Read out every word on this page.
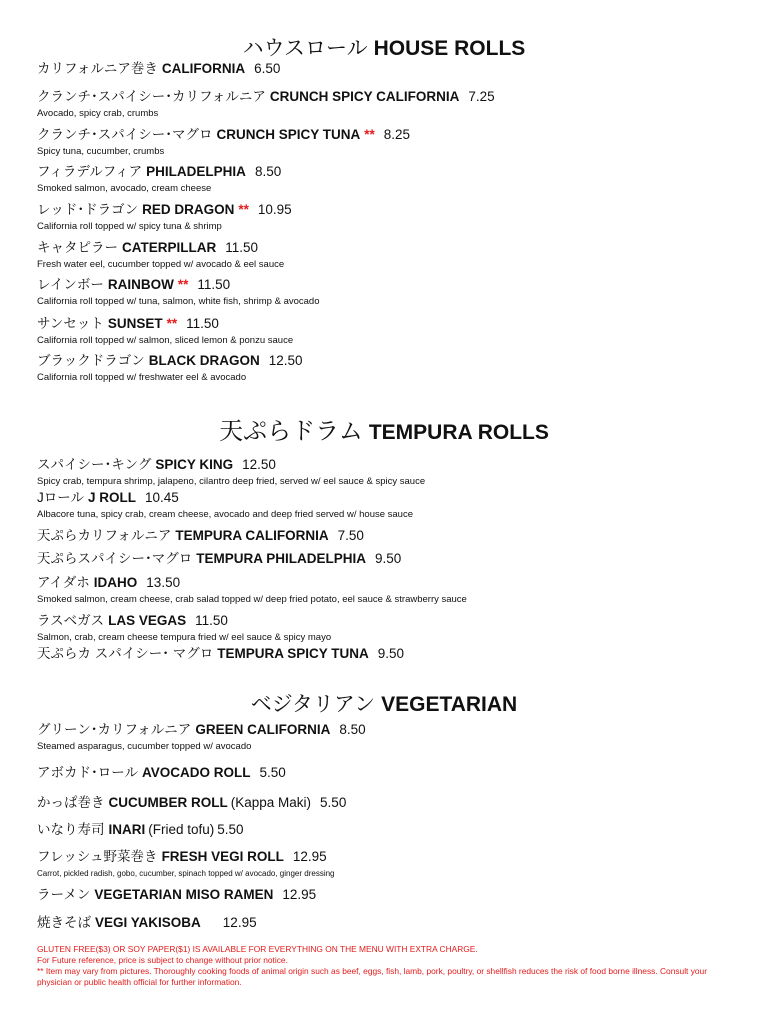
ハウスロール HOUSE ROLLS
カリフォルニア巻き CALIFORNIA 6.50
クランチ･スパイシー･カリフォルニア CRUNCH SPICY CALIFORNIA 7.25
Avocado, spicy crab, crumbs
クランチ･スパイシー･マグロ CRUNCH SPICY TUNA ** 8.25
Spicy tuna, cucumber, crumbs
フィラデルフィア PHILADELPHIA 8.50
Smoked salmon, avocado, cream cheese
レッド･ドラゴン RED DRAGON ** 10.95
California roll topped w/ spicy tuna & shrimp
キャタピラー CATERPILLAR 11.50
Fresh water eel, cucumber topped w/ avocado & eel sauce
レインボー RAINBOW ** 11.50
California roll topped w/ tuna, salmon, white fish, shrimp & avocado
サンセット SUNSET ** 11.50
California roll topped w/ salmon, sliced lemon & ponzu sauce
ブラックドラゴン BLACK DRAGON 12.50
California roll topped w/ freshwater eel & avocado
天ぷらドラム TEMPURA ROLLS
スパイシー･キング SPICY KING 12.50
Spicy crab, tempura shrimp, jalapeno, cilantro deep fried, served w/ eel sauce & spicy sauce
Jロール J ROLL 10.45
Albacore tuna, spicy crab, cream cheese, avocado and deep fried served w/ house sauce
天ぷらカリフォルニア TEMPURA CALIFORNIA 7.50
天ぷらスパイシー･マグロ TEMPURA PHILADELPHIA 9.50
アイダホ IDAHO 13.50
Smoked salmon, cream cheese, crab salad topped w/ deep fried potato, eel sauce & strawberry sauce
ラスベガス LAS VEGAS 11.50
Salmon, crab, cream cheese tempura fried w/ eel sauce & spicy mayo
天ぷらカ スパイシー･ マグロ TEMPURA SPICY TUNA 9.50
ベジタリアン VEGETARIAN
グリーン･カリフォルニア GREEN CALIFORNIA 8.50
Steamed asparagus, cucumber topped w/ avocado
アボカド･ロール AVOCADO ROLL 5.50
かっぱ巻き CUCUMBER ROLL (Kappa Maki) 5.50
いなり寿司 INARI (Fried tofu) 5.50
フレッシュ野菜巻き FRESH VEGI ROLL 12.95
Carrot, pickled radish, gobo, cucumber, spinach topped w/ avocado, ginger dressing
ラーメン VEGETARIAN MISO RAMEN 12.95
焼きそば VEGI YAKISOBA 12.95
GLUTEN FREE($3) OR SOY PAPER($1) IS AVAILABLE FOR EVERYTHING ON THE MENU WITH EXTRA CHARGE.
For Future reference, price is subject to change without prior notice.
** Item may vary from pictures. Thoroughly cooking foods of animal origin such as beef, eggs, fish, lamb, pork, poultry, or shellfish reduces the risk of food borne illness. Consult your physician or public health official for further information.
